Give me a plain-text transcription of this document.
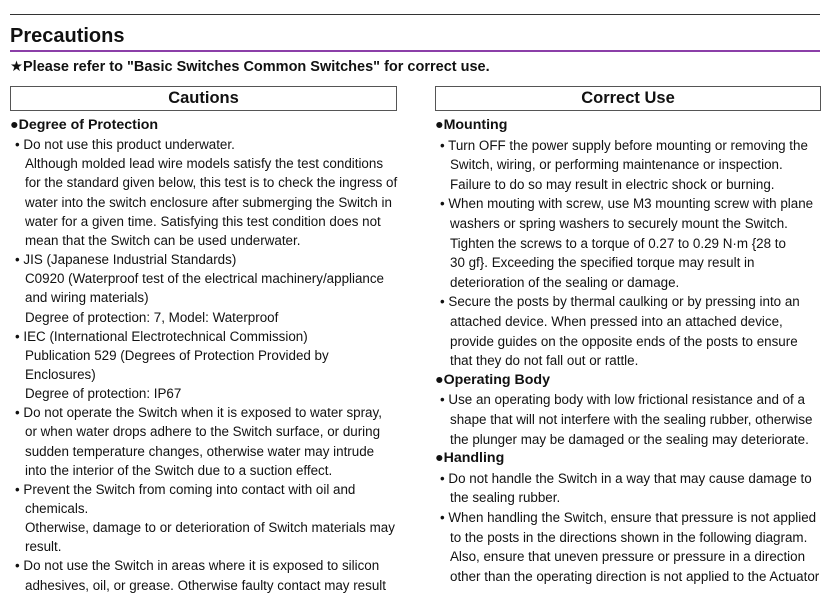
Precautions
★Please refer to "Basic Switches Common Switches" for correct use.
Cautions	Correct Use
●Degree of Protection
• Do not use this product underwater.
Although molded lead wire models satisfy the test conditions
for the standard given below, this test is to check the ingress of
water into the switch enclosure after submerging the Switch in
water for a given time. Satisfying this test condition does not
mean that the Switch can be used underwater.
• JIS (Japanese Industrial Standards)
C0920 (Waterproof test of the electrical machinery/appliance
and wiring materials)
Degree of protection: 7, Model: Waterproof
• IEC (International Electrotechnical Commission)
Publication 529 (Degrees of Protection Provided by
Enclosures)
Degree of protection: IP67
• Do not operate the Switch when it is exposed to water spray,
or when water drops adhere to the Switch surface, or during
sudden temperature changes, otherwise water may intrude
into the interior of the Switch due to a suction effect.
• Prevent the Switch from coming into contact with oil and
chemicals.
Otherwise, damage to or deterioration of Switch materials may
result.
• Do not use the Switch in areas where it is exposed to silicon
adhesives, oil, or grease. Otherwise faulty contact may result
●Mounting
• Turn OFF the power supply before mounting or removing the
Switch, wiring, or performing maintenance or inspection.
Failure to do so may result in electric shock or burning.
• When mouting with screw, use M3 mounting screw with plane
washers or spring washers to securely mount the Switch.
Tighten the screws to a torque of 0.27 to 0.29 N·m {28 to
30 gf}. Exceeding the specified torque may result in
deterioration of the sealing or damage.
• Secure the posts by thermal caulking or by pressing into an
attached device. When pressed into an attached device,
provide guides on the opposite ends of the posts to ensure
that they do not fall out or rattle.
●Operating Body
• Use an operating body with low frictional resistance and of a
shape that will not interfere with the sealing rubber, otherwise
the plunger may be damaged or the sealing may deteriorate.
●Handling
• Do not handle the Switch in a way that may cause damage to
the sealing rubber.
• When handling the Switch, ensure that pressure is not applied
to the posts in the directions shown in the following diagram.
Also, ensure that uneven pressure or pressure in a direction
other than the operating direction is not applied to the Actuator
